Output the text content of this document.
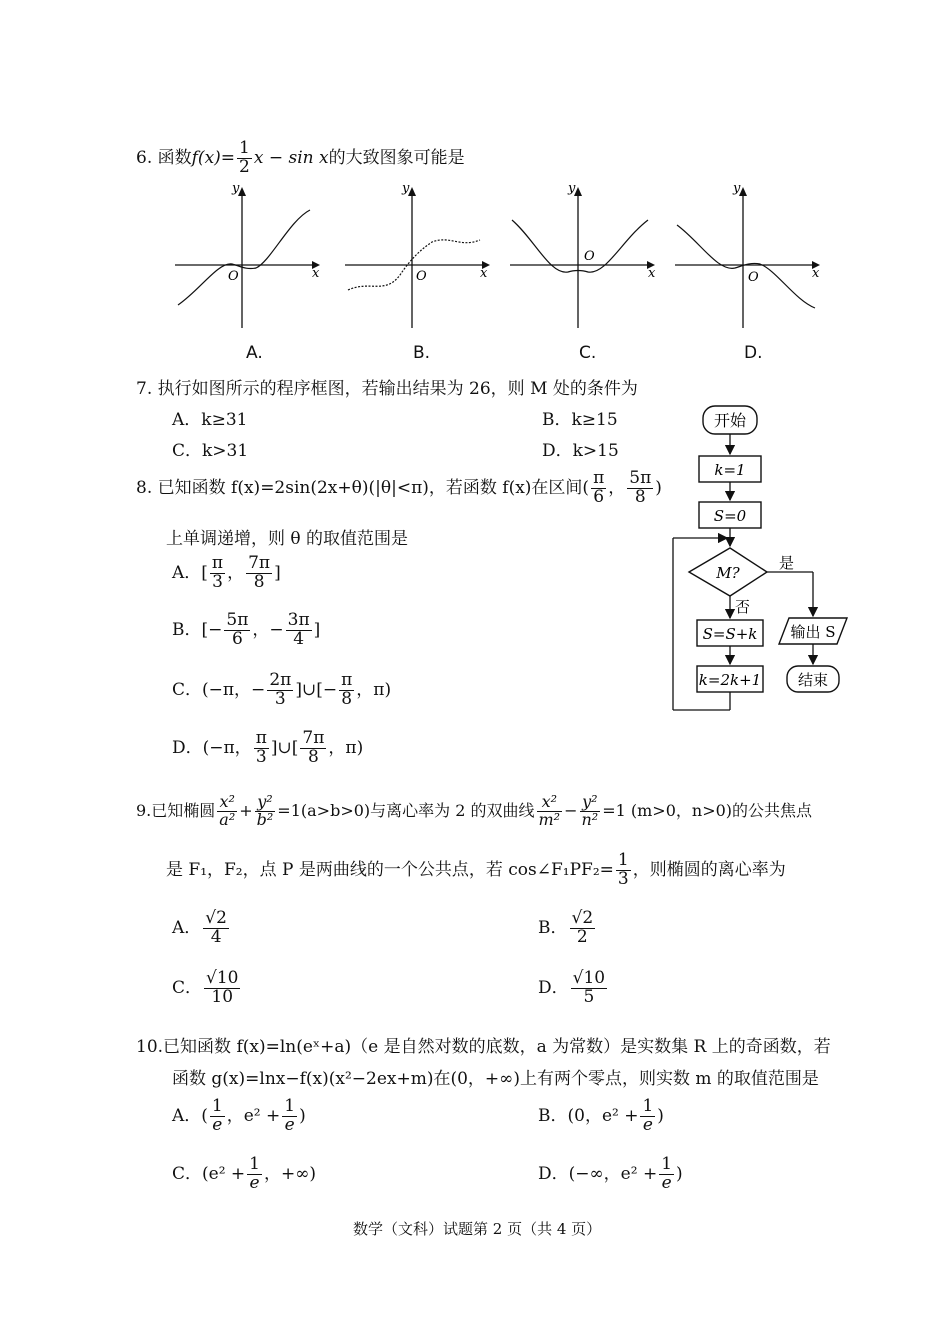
6. 函数$f(x)= \frac{1}{2}$ x − sin x的大致图象可能是
y
x
O
y
x
O
y
x
O
y
x
O
A.	B.	C.	D.
7. 执行如图所示的程序框图，若输出结果为 26，则 M 处的条件为
A．k≥31	B．k≥15
C．k>31	D．k>15
开始
k=1
S=0
M?
是
否
S=S+k
k=2k+1
输出 S
结束
8. 已知函数 f(x)=2sin(2x+θ)(|θ|<π)，若函数 f(x)在区间( $\frac{\pi}{6}$ ， $\frac{5\pi}{8}$ )
上单调递增，则 θ 的取值范围是
A．[ $\frac{\pi}{3}$ ， $\frac{7\pi}{8}$ ]
B．[− $\frac{5\pi}{6}$ ，− $\frac{3\pi}{4}$ ]
C．(−π，− $\frac{2\pi}{3}$ ]∪[− $\frac{\pi}{8}$ ，π)
D．(−π， $\frac{\pi}{3}$ ]∪[ $\frac{7\pi}{8}$ ，π)
9.已知椭圆 $\frac{\text{x²}}{\text{a²}} + \frac{\text{y²}}{\text{b²}} =1(a>b>0)$与离心率为 2 的双曲线 $\frac{\text{x²}}{\text{m²}} - \frac{\text{y²}}{\text{n²}} =1$ (m>0，n>0)的公共焦点
是 F₁，F₂，点 P 是两曲线的一个公共点，若 cos∠F₁PF₂= $\frac{1}{3}$ ，则椭圆的离心率为
A． $\frac{√2}{4}$	B． $\frac{√2}{2}$
C． $\frac{√10}{10}$	D． $\frac{√10}{5}$
10.已知函数 f(x)=ln(eˣ+a)（e 是自然对数的底数，a 为常数）是实数集 R 上的奇函数，若
函数 g(x)=lnx−f(x)(x²−2ex+m)在(0，+∞)上有两个零点，则实数 m 的取值范围是
A．( $\frac{1}{e}$ ，$e^2 + \frac{1}{e}$ )	B．(0，$e^2 + \frac{1}{e}$ )
C．($e^2 + \frac{1}{e}$ ，+∞)	D．(−∞，$e^2 + \frac{1}{e}$ )
数学（文科）试题第 2 页（共 4 页）
